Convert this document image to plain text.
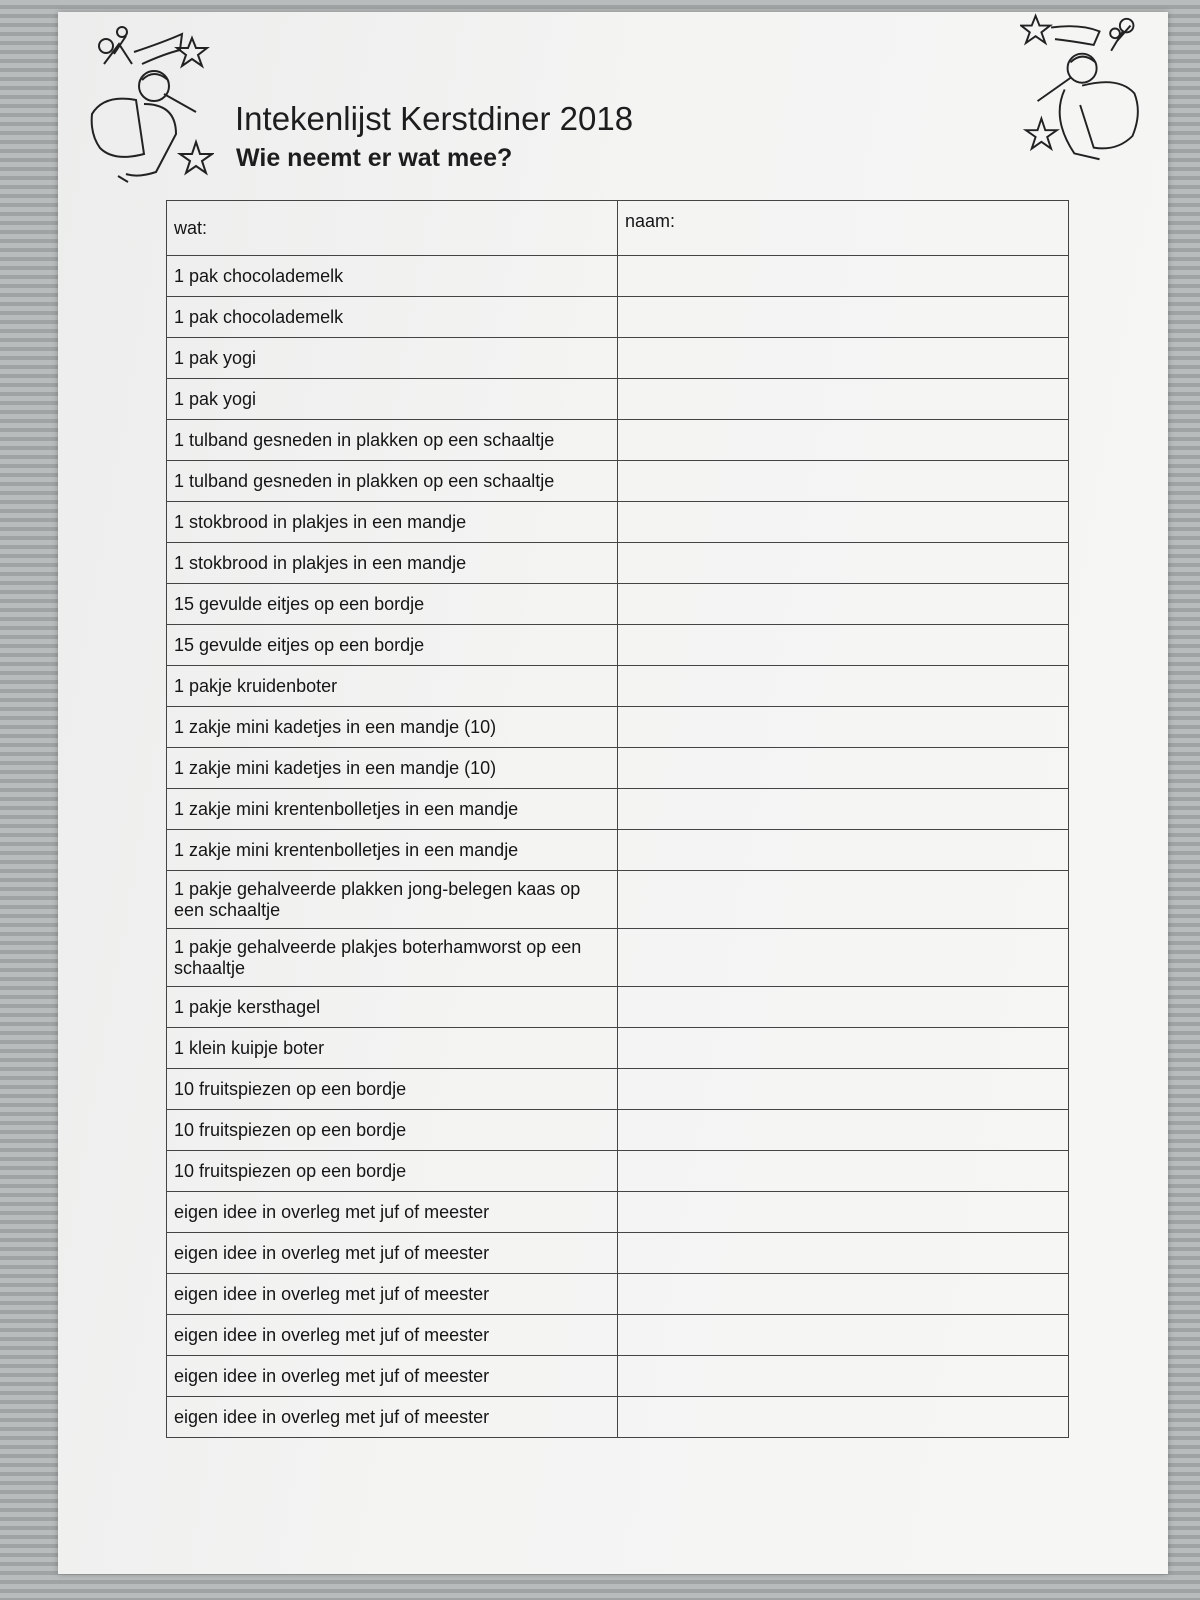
Intekenlijst Kerstdiner 2018
Wie neemt er wat mee?
wat:	naam:
1 pak chocolademelk	
1 pak chocolademelk	
1 pak yogi	
1 pak yogi	
1 tulband gesneden in plakken op een schaaltje	
1 tulband gesneden in plakken op een schaaltje	
1 stokbrood in plakjes in een mandje	
1 stokbrood in plakjes in een mandje	
15 gevulde eitjes op een bordje	
15 gevulde eitjes op een bordje	
1 pakje kruidenboter	
1 zakje mini kadetjes in een mandje (10)	
1 zakje mini kadetjes in een mandje (10)	
1 zakje mini krentenbolletjes in een mandje	
1 zakje mini krentenbolletjes in een mandje	
1 pakje gehalveerde plakken jong-belegen kaas op een schaaltje	
1 pakje gehalveerde plakjes boterhamworst op een schaaltje	
1 pakje kersthagel	
1 klein kuipje boter	
10 fruitspiezen op een bordje	
10 fruitspiezen op een bordje	
10 fruitspiezen op een bordje	
eigen idee in overleg met juf of meester	
eigen idee in overleg met juf of meester	
eigen idee in overleg met juf of meester	
eigen idee in overleg met juf of meester	
eigen idee in overleg met juf of meester	
eigen idee in overleg met juf of meester	
